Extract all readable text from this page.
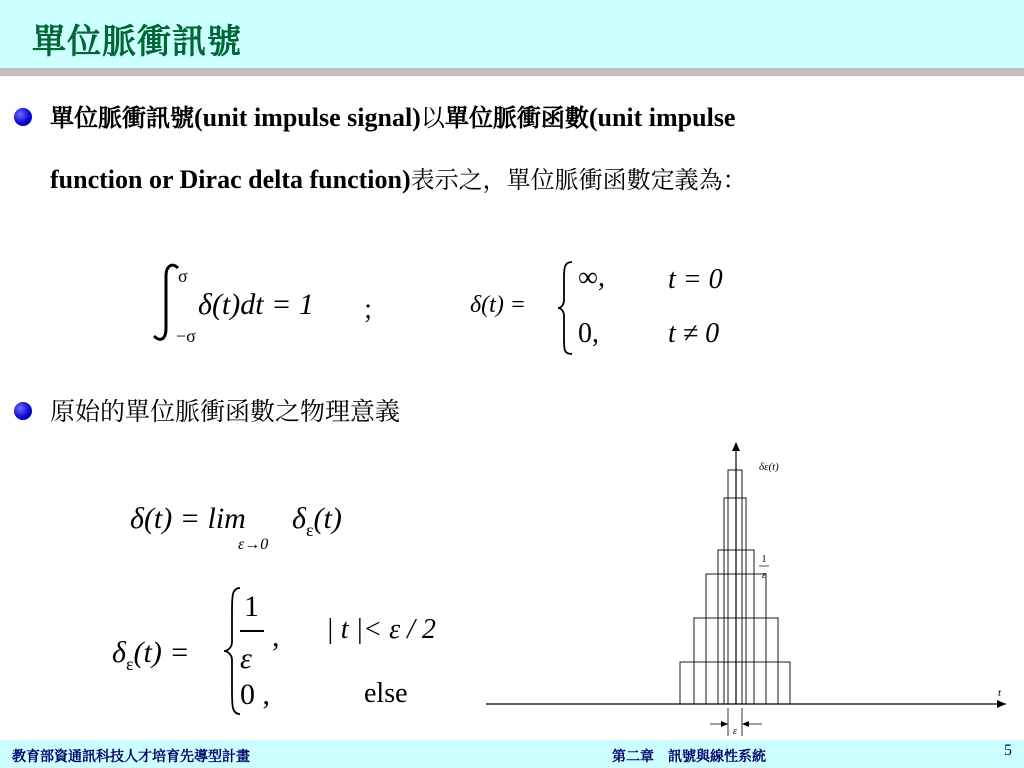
單位脈衝訊號
單位脈衝訊號(unit impulse signal)以單位脈衝函數(unit impulse
function or Dirac delta function)表示之，單位脈衝函數定義為：
σ
−σ
δ(t)dt = 1 ；	δ(t) =
∞, t = 0
0, t ≠ 0
原始的單位脈衝函數之物理意義
δ(t) = lim
ε→0
$\delta_\varepsilon(t)$
$\delta_\varepsilon(t)$ =
1
ε
, | t |< ε / 2
0 ,	else
δε(t)
1
ε
t
ε
教育部資通訊科技人才培育先導型計畫	第二章 訊號與線性系統	5
